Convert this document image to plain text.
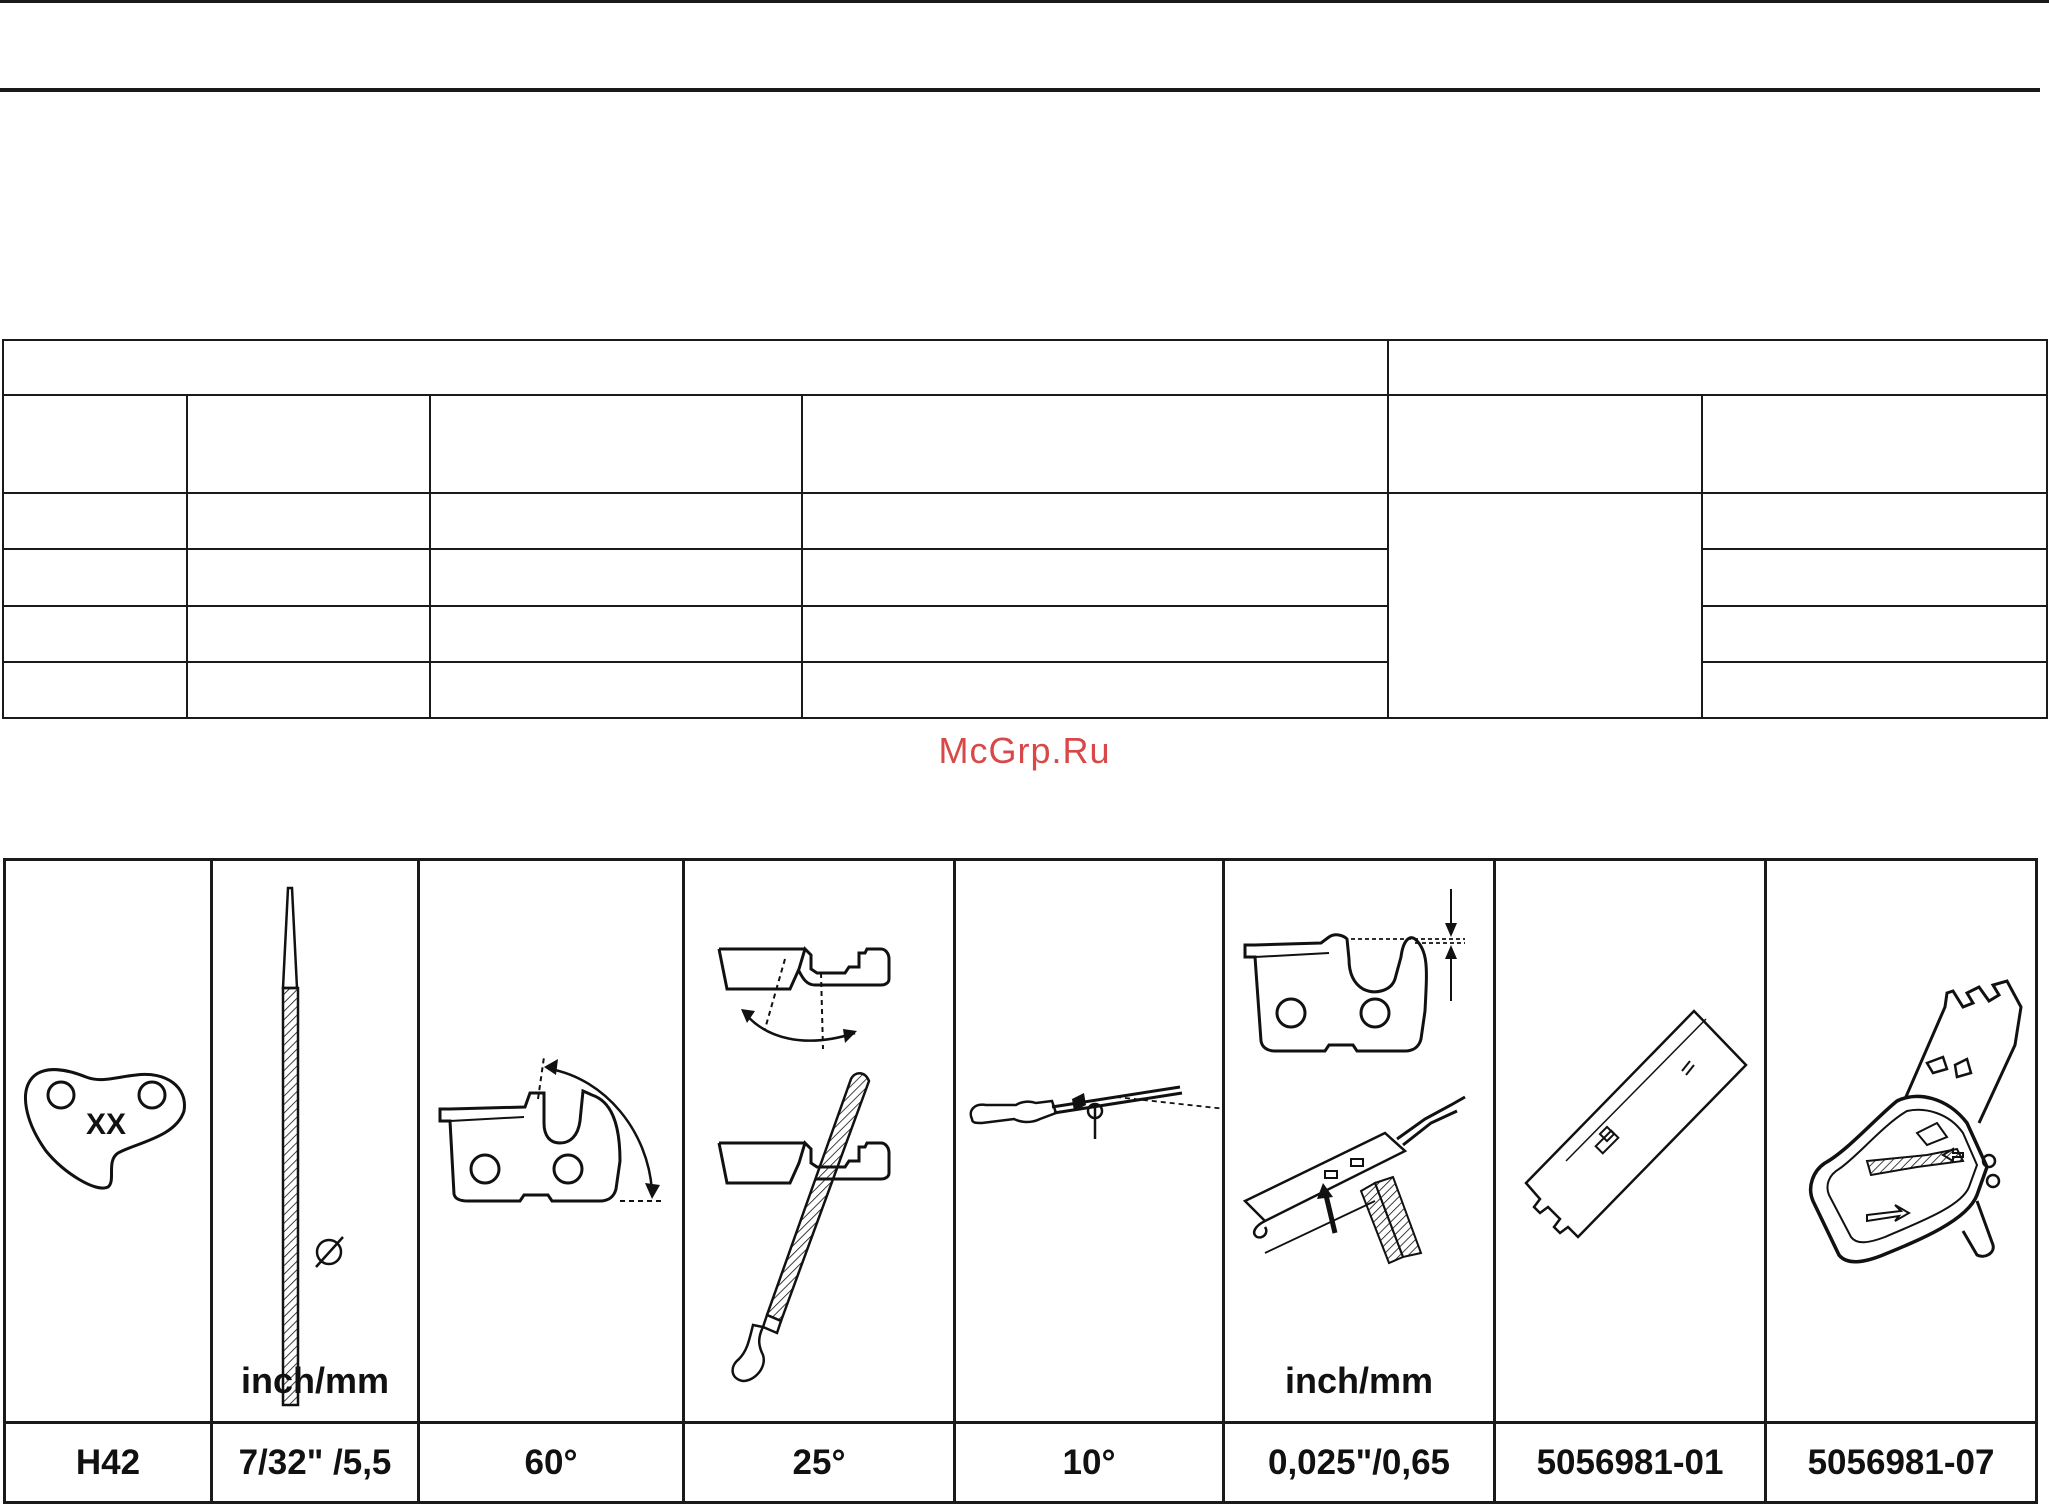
McGrp.Ru
XX
Ø
inch/mm	inch/mm
H42	7/32" /5,5	60°	25°	10°	0,025"/0,65	5056981-01	5056981-07
